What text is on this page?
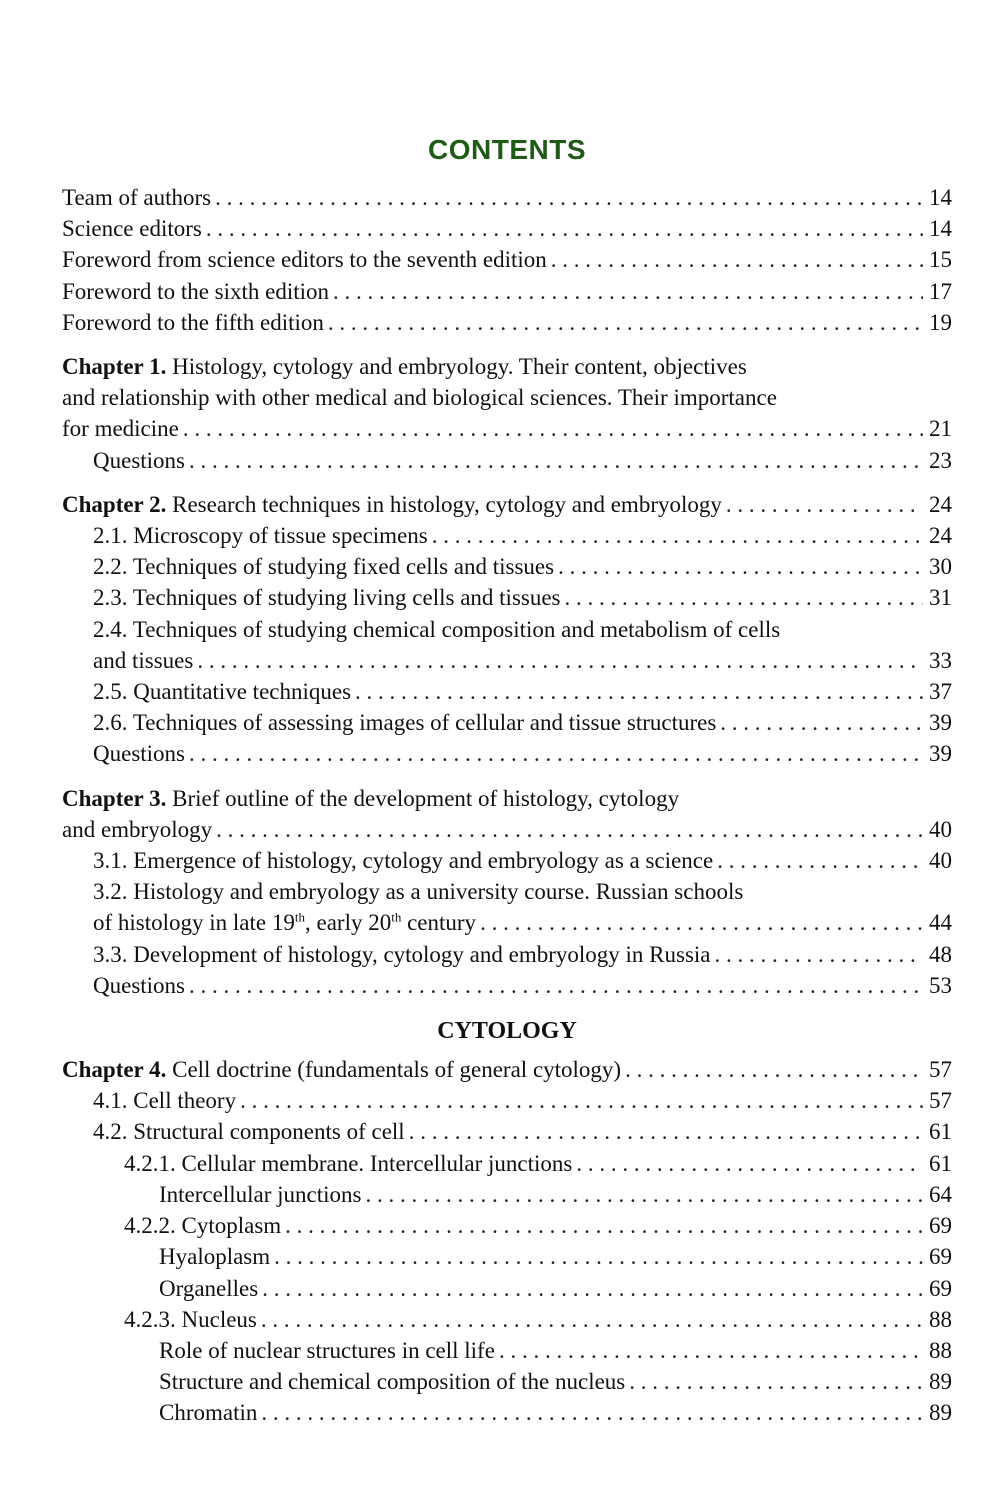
CONTENTS
Team of authors . . .	14
Science editors . . .	14
Foreword from science editors to the seventh edition . . .	15
Foreword to the sixth edition . . .	17
Foreword to the fifth edition . . .	19
Chapter 1. Histology, cytology and embryology. Their content, objectives
and relationship with other medical and biological sciences. Their importance
for medicine . . .	21
Questions . . .	23
Chapter 2. Research techniques in histology, cytology and embryology . . .	24
2.1. Microscopy of tissue specimens . . .	24
2.2. Techniques of studying fixed cells and tissues . . .	30
2.3. Techniques of studying living cells and tissues . . .	31
2.4. Techniques of studying chemical composition and metabolism of cells
and tissues . . .	33
2.5. Quantitative techniques . . .	37
2.6. Techniques of assessing images of cellular and tissue structures . . .	39
Questions . . .	39
Chapter 3. Brief outline of the development of histology, cytology
and embryology . . .	40
3.1. Emergence of histology, cytology and embryology as a science . . .	40
3.2. Histology and embryology as a university course. Russian schools
of histology in late 19th, early 20th century . . .	44
3.3. Development of histology, cytology and embryology in Russia . . .	48
Questions . . .	53
CYTOLOGY
Chapter 4. Cell doctrine (fundamentals of general cytology) . . .	57
4.1. Cell theory . . .	57
4.2. Structural components of cell . . .	61
4.2.1. Cellular membrane. Intercellular junctions . . .	61
Intercellular junctions . . .	64
4.2.2. Cytoplasm . . .	69
Hyaloplasm . . .	69
Organelles . . .	69
4.2.3. Nucleus . . .	88
Role of nuclear structures in cell life . . .	88
Structure and chemical composition of the nucleus . . .	89
Chromatin . . .	89
